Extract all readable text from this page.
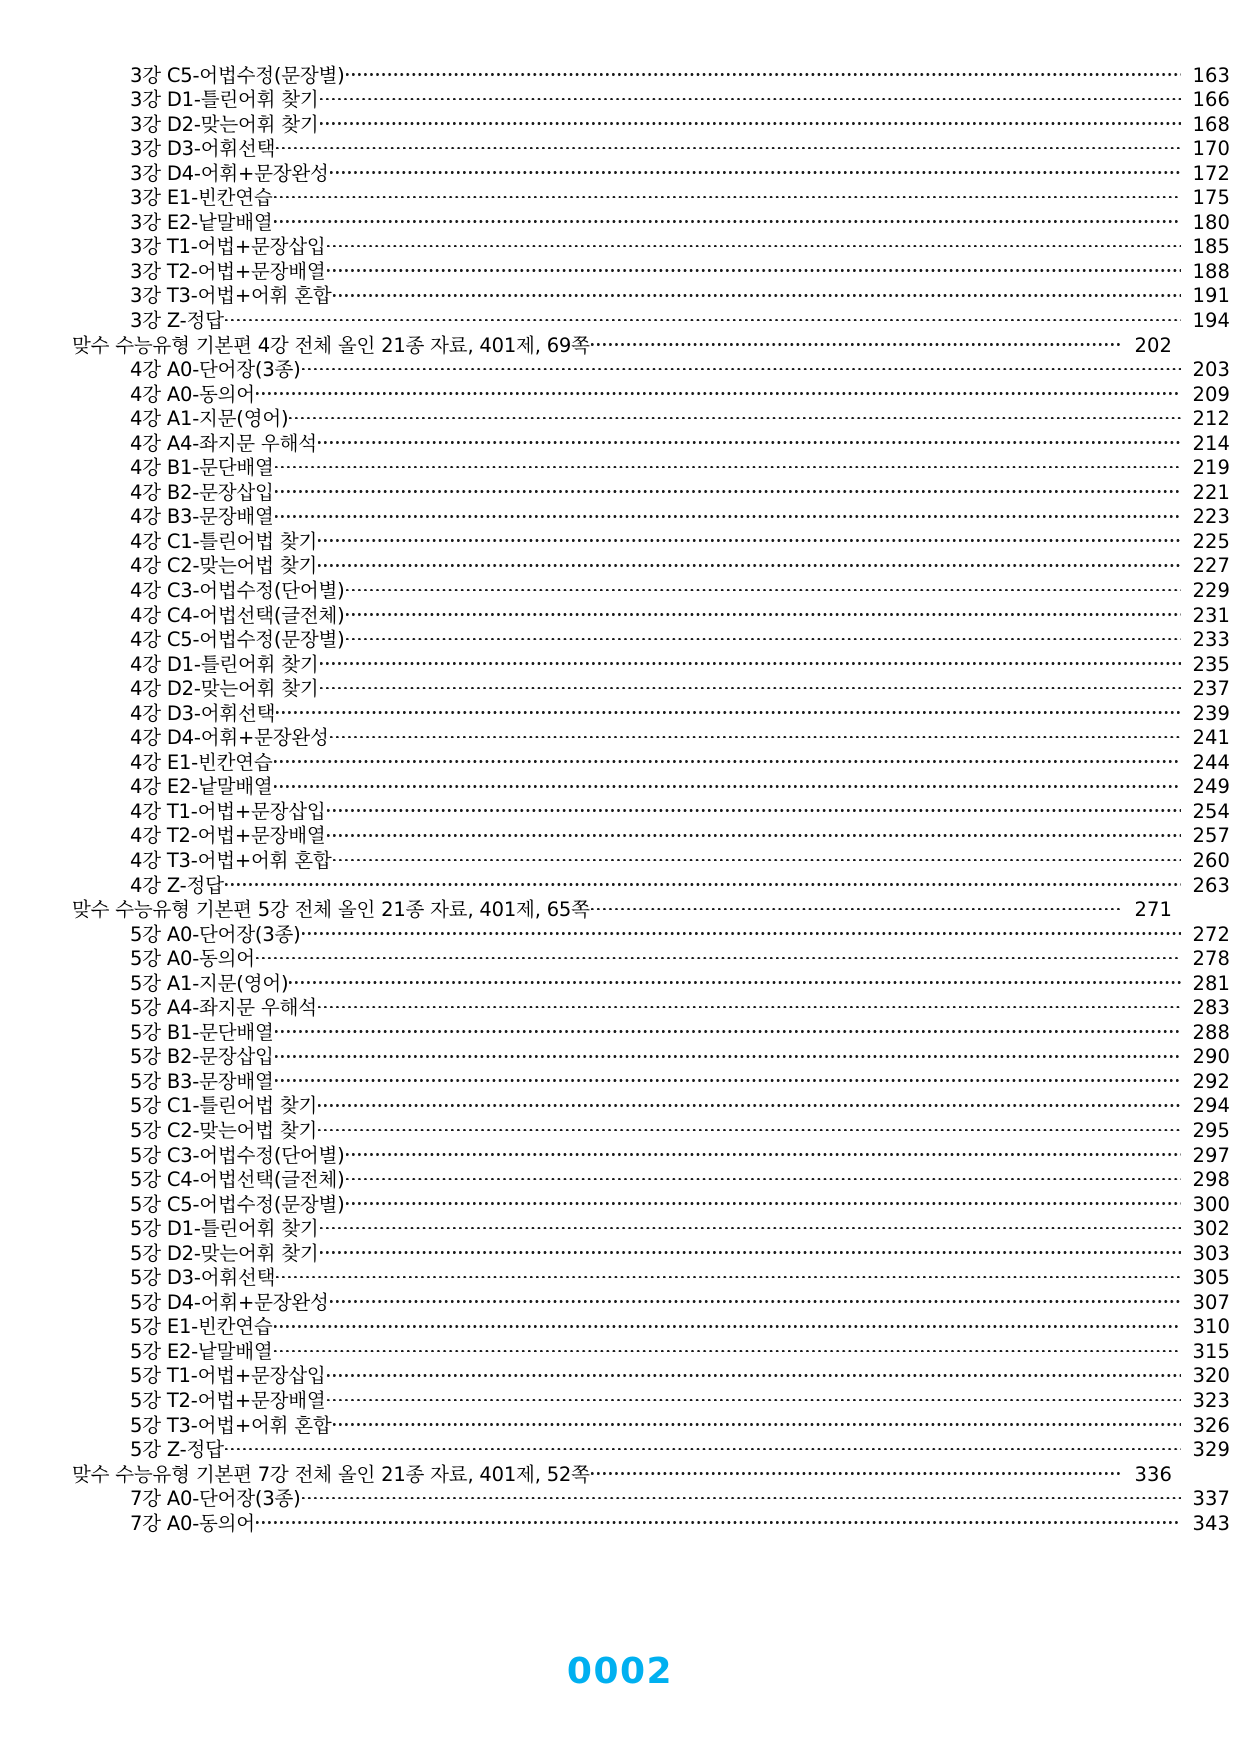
3강 C5-어법수정(문장별)	163
3강 D1-틀린어휘 찾기	166
3강 D2-맞는어휘 찾기	168
3강 D3-어휘선택	170
3강 D4-어휘+문장완성	172
3강 E1-빈칸연습	175
3강 E2-낱말배열	180
3강 T1-어법+문장삽입	185
3강 T2-어법+문장배열	188
3강 T3-어법+어휘 혼합	191
3강 Z-정답	194
맞수 수능유형 기본편 4강 전체 올인 21종 자료, 401제, 69쪽	202
4강 A0-단어장(3종)	203
4강 A0-동의어	209
4강 A1-지문(영어)	212
4강 A4-좌지문 우해석	214
4강 B1-문단배열	219
4강 B2-문장삽입	221
4강 B3-문장배열	223
4강 C1-틀린어법 찾기	225
4강 C2-맞는어법 찾기	227
4강 C3-어법수정(단어별)	229
4강 C4-어법선택(글전체)	231
4강 C5-어법수정(문장별)	233
4강 D1-틀린어휘 찾기	235
4강 D2-맞는어휘 찾기	237
4강 D3-어휘선택	239
4강 D4-어휘+문장완성	241
4강 E1-빈칸연습	244
4강 E2-낱말배열	249
4강 T1-어법+문장삽입	254
4강 T2-어법+문장배열	257
4강 T3-어법+어휘 혼합	260
4강 Z-정답	263
맞수 수능유형 기본편 5강 전체 올인 21종 자료, 401제, 65쪽	271
5강 A0-단어장(3종)	272
5강 A0-동의어	278
5강 A1-지문(영어)	281
5강 A4-좌지문 우해석	283
5강 B1-문단배열	288
5강 B2-문장삽입	290
5강 B3-문장배열	292
5강 C1-틀린어법 찾기	294
5강 C2-맞는어법 찾기	295
5강 C3-어법수정(단어별)	297
5강 C4-어법선택(글전체)	298
5강 C5-어법수정(문장별)	300
5강 D1-틀린어휘 찾기	302
5강 D2-맞는어휘 찾기	303
5강 D3-어휘선택	305
5강 D4-어휘+문장완성	307
5강 E1-빈칸연습	310
5강 E2-낱말배열	315
5강 T1-어법+문장삽입	320
5강 T2-어법+문장배열	323
5강 T3-어법+어휘 혼합	326
5강 Z-정답	329
맞수 수능유형 기본편 7강 전체 올인 21종 자료, 401제, 52쪽	336
7강 A0-단어장(3종)	337
7강 A0-동의어	343
0002
